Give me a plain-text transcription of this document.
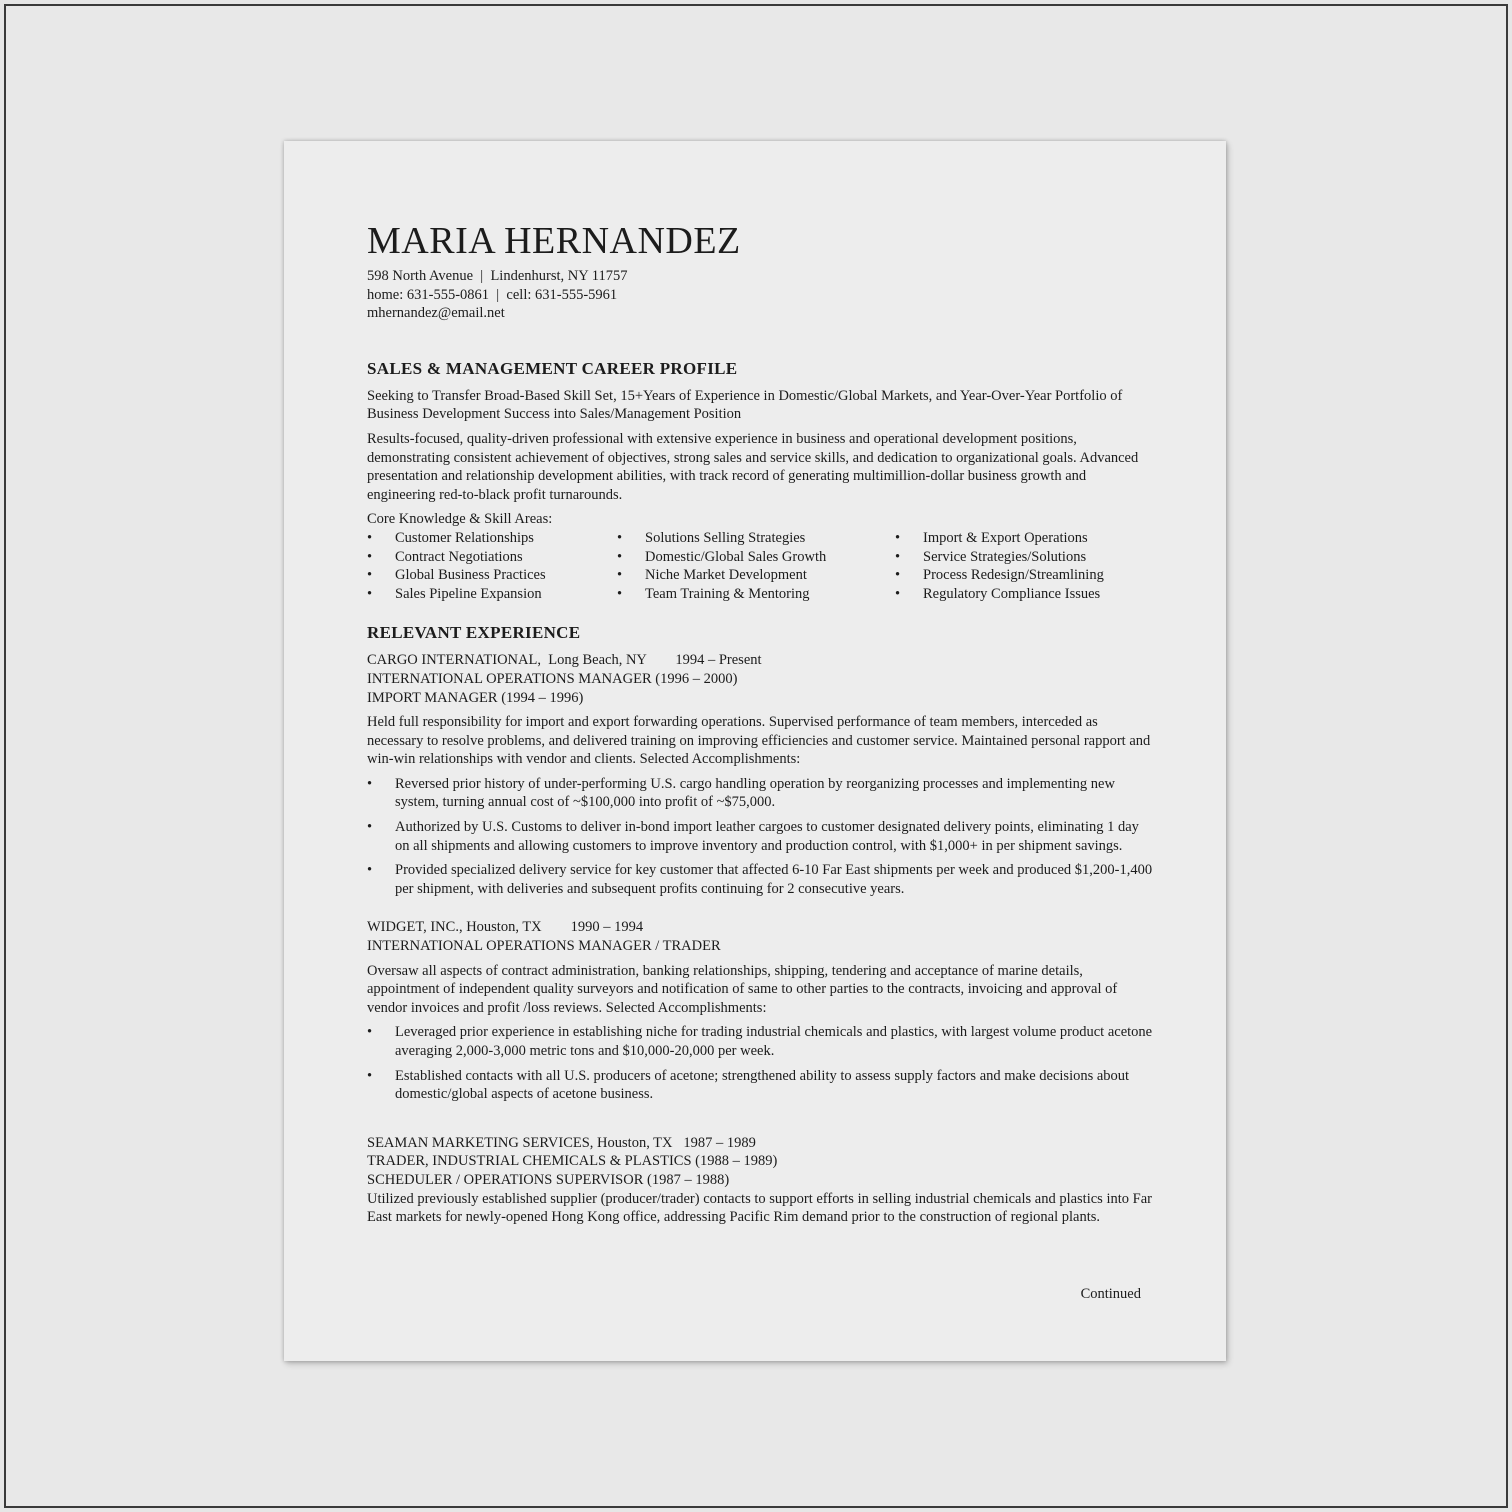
MARIA HERNANDEZ

598 North Avenue  |  Lindenhurst, NY 11757

home: 631-555-0861  |  cell: 631-555-5961

mhernandez@email.net

SALES & MANAGEMENT CAREER PROFILE

Seeking to Transfer Broad-Based Skill Set, 15+Years of Experience in Domestic/Global Markets, and Year-Over-Year Portfolio of Business Development Success into Sales/Management Position

Results-focused, quality-driven professional with extensive experience in business and operational development positions, demonstrating consistent achievement of objectives, strong sales and service skills, and dedication to organizational goals. Advanced presentation and relationship development abilities, with track record of generating multimillion-dollar business growth and engineering red-to-black profit turnarounds.

Core Knowledge & Skill Areas:

• Customer Relationships
• Contract Negotiations
• Global Business Practices
• Sales Pipeline Expansion
• Solutions Selling Strategies
• Domestic/Global Sales Growth
• Niche Market Development
• Team Training & Mentoring
• Import & Export Operations
• Service Strategies/Solutions
• Process Redesign/Streamlining
• Regulatory Compliance Issues
RELEVANT EXPERIENCE

CARGO INTERNATIONAL,  Long Beach, NY        1994 – Present

INTERNATIONAL OPERATIONS MANAGER (1996 – 2000)

IMPORT MANAGER (1994 – 1996)

Held full responsibility for import and export forwarding operations. Supervised performance of team members, interceded as necessary to resolve problems, and delivered training on improving efficiencies and customer service. Maintained personal rapport and win-win relationships with vendor and clients. Selected Accomplishments:

• Reversed prior history of under-performing U.S. cargo handling operation by reorganizing processes and implementing new system, turning annual cost of ~$100,000 into profit of ~$75,000.
• Authorized by U.S. Customs to deliver in-bond import leather cargoes to customer designated delivery points, eliminating 1 day on all shipments and allowing customers to improve inventory and production control, with $1,000+ in per shipment savings.
• Provided specialized delivery service for key customer that affected 6-10 Far East shipments per week and produced $1,200-1,400 per shipment, with deliveries and subsequent profits continuing for 2 consecutive years.

WIDGET, INC., Houston, TX        1990 – 1994

INTERNATIONAL OPERATIONS MANAGER / TRADER

Oversaw all aspects of contract administration, banking relationships, shipping, tendering and acceptance of marine details, appointment of independent quality surveyors and notification of same to other parties to the contracts, invoicing and approval of vendor invoices and profit /loss reviews. Selected Accomplishments:

• Leveraged prior experience in establishing niche for trading industrial chemicals and plastics, with largest volume product acetone averaging 2,000-3,000 metric tons and $10,000-20,000 per week.
• Established contacts with all U.S. producers of acetone; strengthened ability to assess supply factors and make decisions about domestic/global aspects of acetone business.

SEAMAN MARKETING SERVICES, Houston, TX   1987 – 1989

TRADER, INDUSTRIAL CHEMICALS & PLASTICS (1988 – 1989)

SCHEDULER / OPERATIONS SUPERVISOR (1987 – 1988)

Utilized previously established supplier (producer/trader) contacts to support efforts in selling industrial chemicals and plastics into Far East markets for newly-opened Hong Kong office, addressing Pacific Rim demand prior to the construction of regional plants.

Continued
